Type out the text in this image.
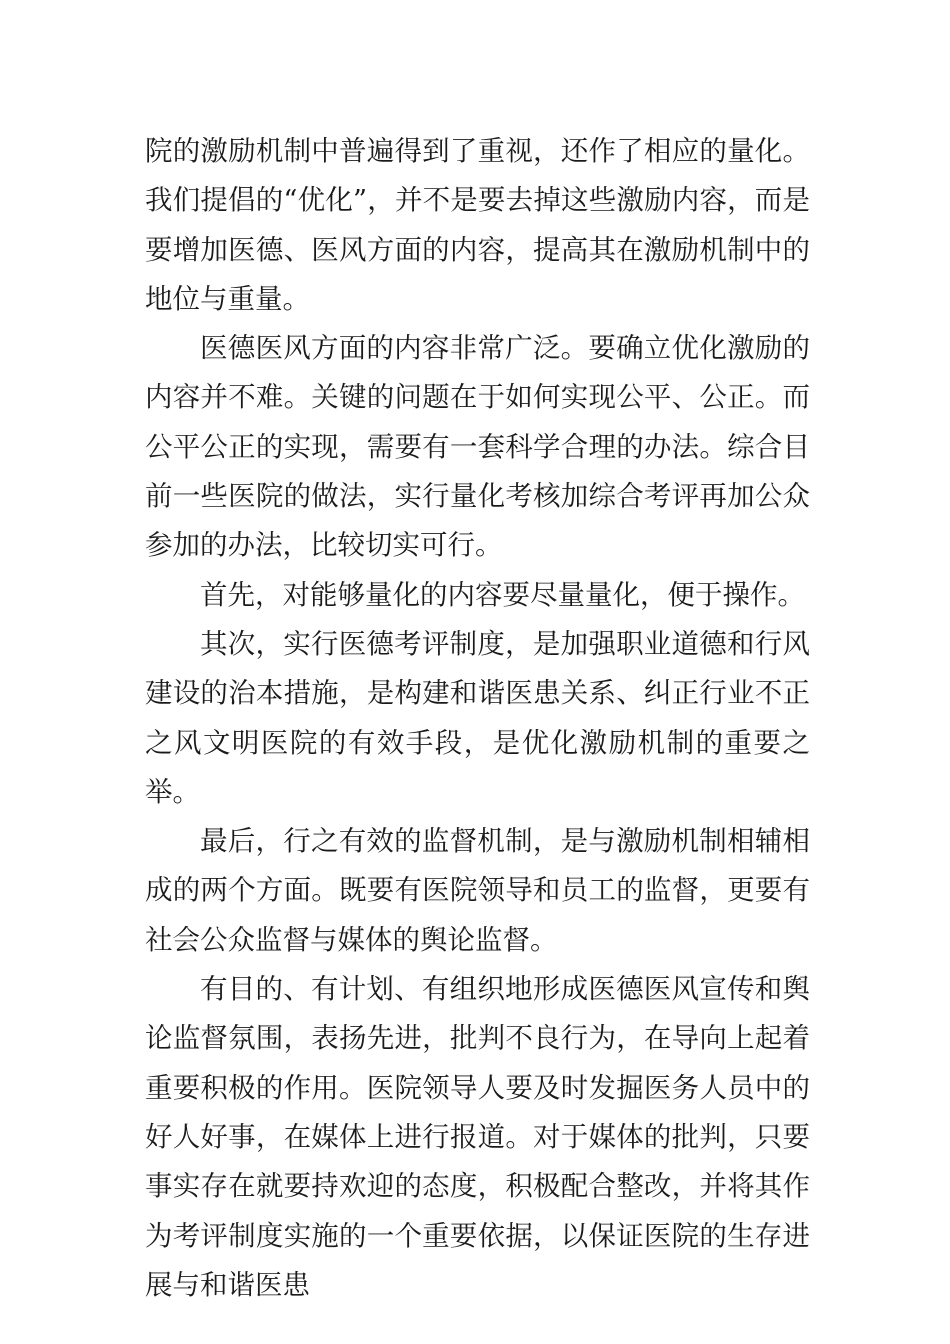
院的激励机制中普遍得到了重视，还作了相应的量化。我们提倡的“优化”，并不是要去掉这些激励内容，而是要增加医德、医风方面的内容，提高其在激励机制中的地位与重量。

医德医风方面的内容非常广泛。要确立优化激励的内容并不难。关键的问题在于如何实现公平、公正。而公平公正的实现，需要有一套科学合理的办法。综合目前一些医院的做法，实行量化考核加综合考评再加公众参加的办法，比较切实可行。

首先，对能够量化的内容要尽量量化，便于操作。

其次，实行医德考评制度，是加强职业道德和行风建设的治本措施，是构建和谐医患关系、纠正行业不正之风文明医院的有效手段，是优化激励机制的重要之举。

最后，行之有效的监督机制，是与激励机制相辅相成的两个方面。既要有医院领导和员工的监督，更要有社会公众监督与媒体的舆论监督。

有目的、有计划、有组织地形成医德医风宣传和舆论监督氛围，表扬先进，批判不良行为，在导向上起着重要积极的作用。医院领导人要及时发掘医务人员中的好人好事，在媒体上进行报道。对于媒体的批判，只要事实存在就要持欢迎的态度，积极配合整改，并将其作为考评制度实施的一个重要依据，以保证医院的生存进展与和谐医患
